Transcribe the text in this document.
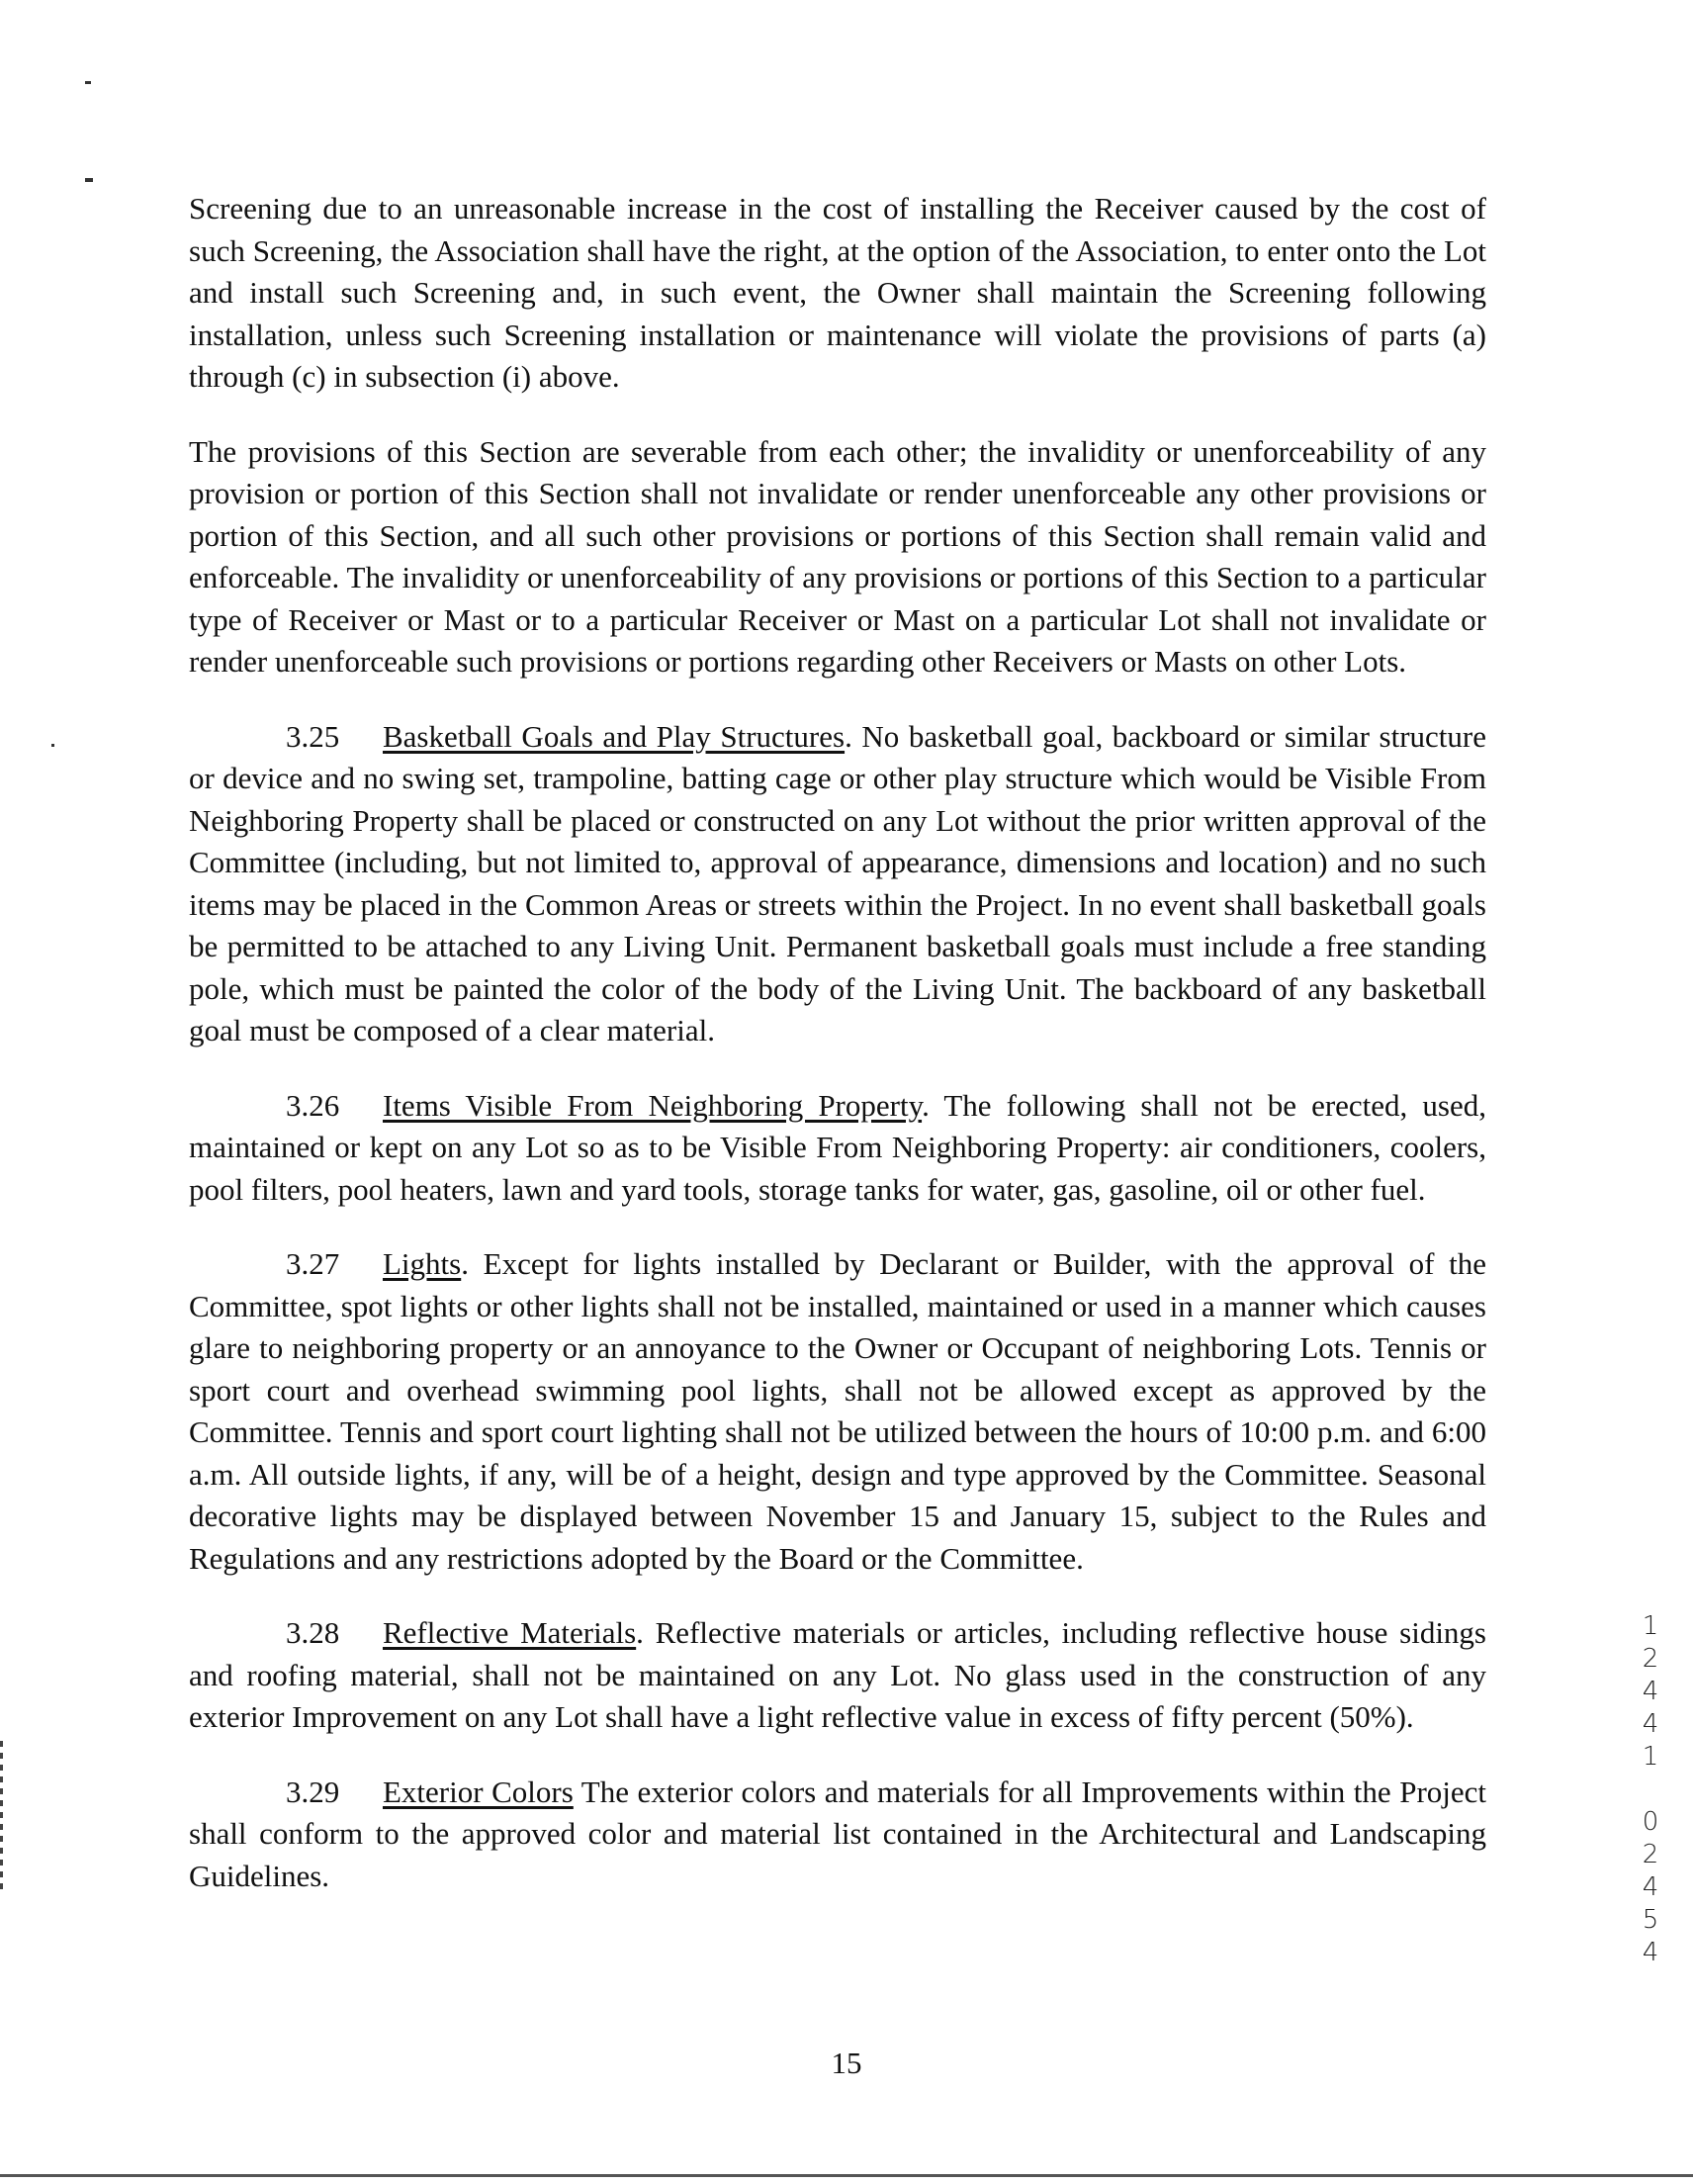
Screening due to an unreasonable increase in the cost of installing the Receiver caused by the cost of such Screening, the Association shall have the right, at the option of the Association, to enter onto the Lot and install such Screening and, in such event, the Owner shall maintain the Screening following installation, unless such Screening installation or maintenance will violate the provisions of parts (a) through (c) in subsection (i) above.

The provisions of this Section are severable from each other; the invalidity or unenforceability of any provision or portion of this Section shall not invalidate or render unenforceable any other provisions or portion of this Section, and all such other provisions or portions of this Section shall remain valid and enforceable. The invalidity or unenforceability of any provisions or portions of this Section to a particular type of Receiver or Mast or to a particular Receiver or Mast on a particular Lot shall not invalidate or render unenforceable such provisions or portions regarding other Receivers or Masts on other Lots.

3.25 Basketball Goals and Play Structures. No basketball goal, backboard or similar structure or device and no swing set, trampoline, batting cage or other play structure which would be Visible From Neighboring Property shall be placed or constructed on any Lot without the prior written approval of the Committee (including, but not limited to, approval of appearance, dimensions and location) and no such items may be placed in the Common Areas or streets within the Project. In no event shall basketball goals be permitted to be attached to any Living Unit. Permanent basketball goals must include a free standing pole, which must be painted the color of the body of the Living Unit. The backboard of any basketball goal must be composed of a clear material.

3.26 Items Visible From Neighboring Property. The following shall not be erected, used, maintained or kept on any Lot so as to be Visible From Neighboring Property: air conditioners, coolers, pool filters, pool heaters, lawn and yard tools, storage tanks for water, gas, gasoline, oil or other fuel.

3.27 Lights. Except for lights installed by Declarant or Builder, with the approval of the Committee, spot lights or other lights shall not be installed, maintained or used in a manner which causes glare to neighboring property or an annoyance to the Owner or Occupant of neighboring Lots. Tennis or sport court and overhead swimming pool lights, shall not be allowed except as approved by the Committee. Tennis and sport court lighting shall not be utilized between the hours of 10:00 p.m. and 6:00 a.m. All outside lights, if any, will be of a height, design and type approved by the Committee. Seasonal decorative lights may be displayed between November 15 and January 15, subject to the Rules and Regulations and any restrictions adopted by the Board or the Committee.

3.28 Reflective Materials. Reflective materials or articles, including reflective house sidings and roofing material, shall not be maintained on any Lot. No glass used in the construction of any exterior Improvement on any Lot shall have a light reflective value in excess of fifty percent (50%).

3.29 Exterior Colors The exterior colors and materials for all Improvements within the Project shall conform to the approved color and material list contained in the Architectural and Landscaping Guidelines.

1
2
4
4
1

0
2
4
5
4
15
